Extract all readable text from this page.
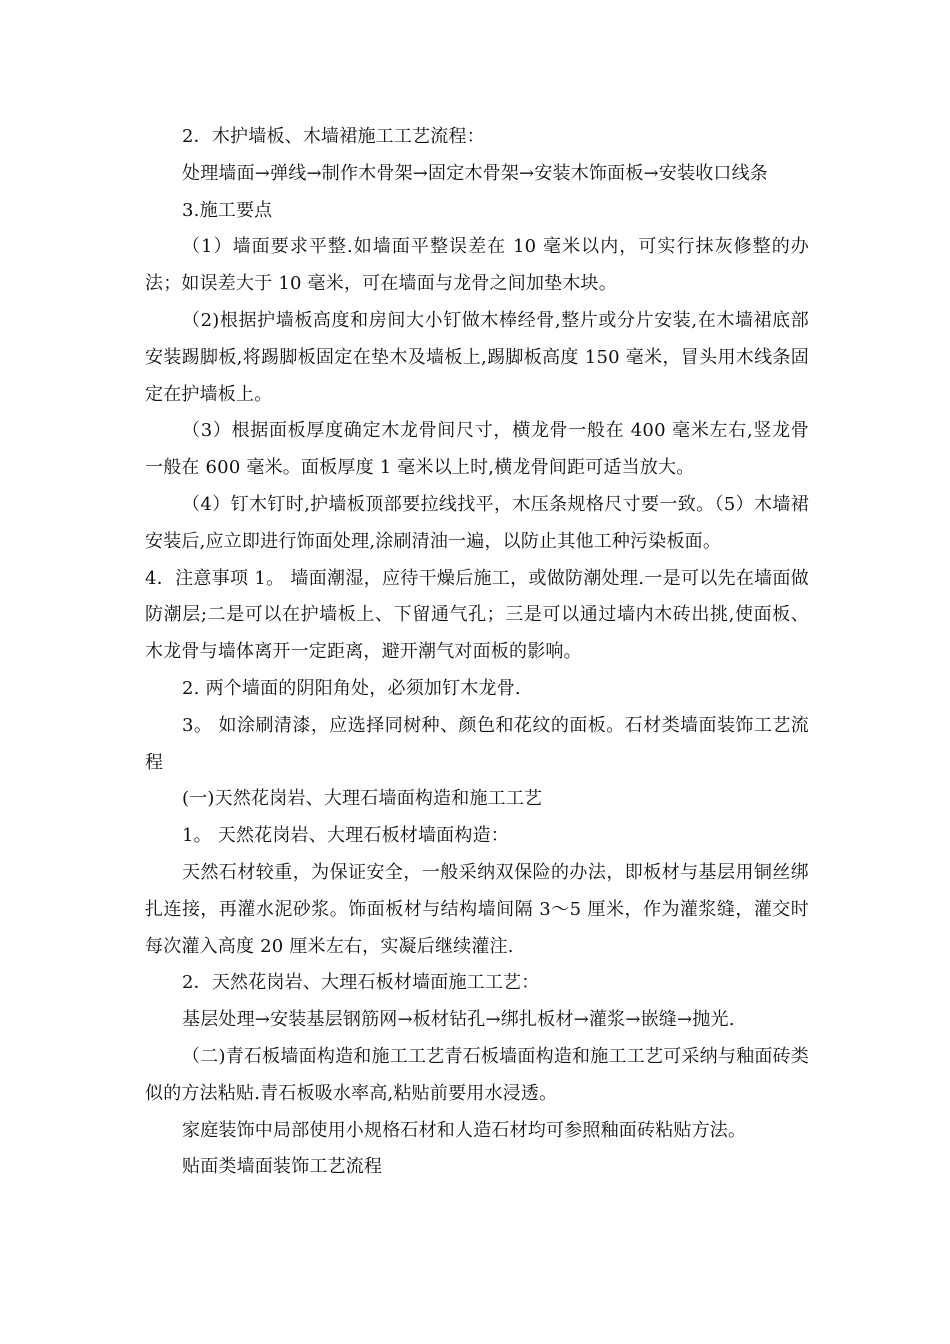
2．木护墙板、木墙裙施工工艺流程：

处理墙面→弹线→制作木骨架→固定木骨架→安装木饰面板→安装收口线条

3.施工要点

（1）墙面要求平整.如墙面平整误差在 10 毫米以内，可实行抹灰修整的办法；如误差大于 10 毫米，可在墙面与龙骨之间加垫木块。

（2)根据护墙板高度和房间大小钉做木棒经骨,整片或分片安装,在木墙裙底部安装踢脚板,将踢脚板固定在垫木及墙板上,踢脚板高度 150 毫米，冒头用木线条固定在护墙板上。

（3）根据面板厚度确定木龙骨间尺寸，横龙骨一般在 400 毫米左右,竖龙骨一般在 600 毫米。面板厚度 1 毫米以上时,横龙骨间距可适当放大。

（4）钉木钉时,护墙板顶部要拉线找平，木压条规格尺寸要一致。（5）木墙裙安装后,应立即进行饰面处理,涂刷清油一遍，以防止其他工种污染板面。

4．注意事项 1。 墙面潮湿，应待干燥后施工，或做防潮处理.一是可以先在墙面做防潮层;二是可以在护墙板上、下留通气孔；三是可以通过墙内木砖出挑,使面板、木龙骨与墙体离开一定距离，避开潮气对面板的影响。

2. 两个墙面的阴阳角处，必须加钉木龙骨.

3。 如涂刷清漆，应选择同树种、颜色和花纹的面板。石材类墙面装饰工艺流程

(一)天然花岗岩、大理石墙面构造和施工工艺

1。 天然花岗岩、大理石板材墙面构造：

天然石材较重，为保证安全，一般采纳双保险的办法，即板材与基层用铜丝绑扎连接，再灌水泥砂浆。饰面板材与结构墙间隔 3～5 厘米，作为灌浆缝，灌交时每次灌入高度 20 厘米左右，实凝后继续灌注.

2．天然花岗岩、大理石板材墙面施工工艺：

基层处理→安装基层钢筋网→板材钻孔→绑扎板材→灌浆→嵌缝→抛光.

（二)青石板墙面构造和施工工艺青石板墙面构造和施工工艺可采纳与釉面砖类似的方法粘贴.青石板吸水率高,粘贴前要用水浸透。

家庭装饰中局部使用小规格石材和人造石材均可参照釉面砖粘贴方法。

贴面类墙面装饰工艺流程
